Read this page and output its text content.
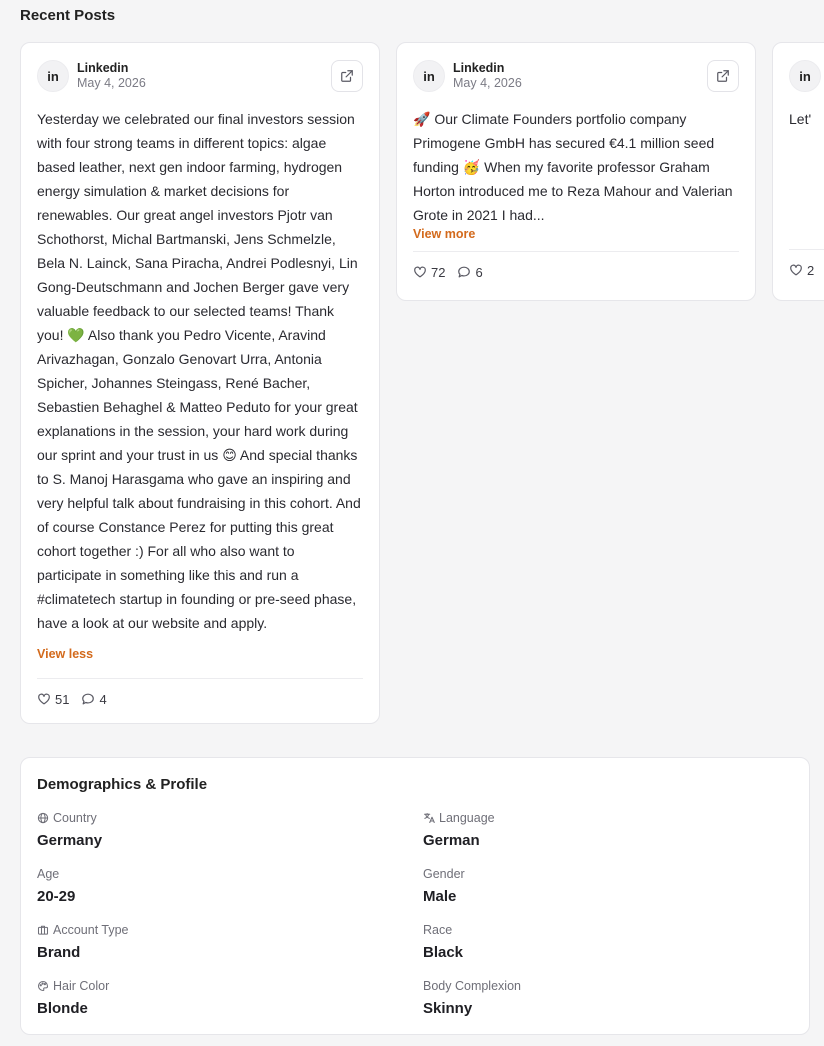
Recent Posts
in
Linkedin
May 4, 2026
Yesterday we celebrated our final investors session with four strong teams in different topics: algae based leather, next gen indoor farming, hydrogen energy simulation & market decisions for renewables. Our great angel investors Pjotr van Schothorst, Michal Bartmanski, Jens Schmelzle, Bela N. Lainck, Sana Piracha, Andrei Podlesnyi, Lin Gong-Deutschmann and Jochen Berger gave very valuable feedback to our selected teams! Thank you! 💚 Also thank you Pedro Vicente, Aravind Arivazhagan, Gonzalo Genovart Urra, Antonia Spicher, Johannes Steingass, René Bacher, Sebastien Behaghel & Matteo Peduto for your great explanations in the session, your hard work during our sprint and your trust in us 😊 And special thanks to S. Manoj Harasgama who gave an inspiring and very helpful talk about fundraising in this cohort. And of course Constance Perez for putting this great cohort together :) For all who also want to participate in something like this and run a #climatetech startup in founding or pre-seed phase, have a look at our website and apply.
View less
51 4
in
Linkedin
May 4, 2026
🚀 Our Climate Founders portfolio company Primogene GmbH has secured €4.1 million seed funding 🥳 When my favorite professor Graham Horton introduced me to Reza Mahour and Valerian Grote in 2021 I had...
View more
72 6
in
Let'
2
Demographics & Profile
Country
Germany
Language
German
Age
20-29
Gender
Male
Account Type
Brand
Race
Black
Hair Color
Blonde
Body Complexion
Skinny
